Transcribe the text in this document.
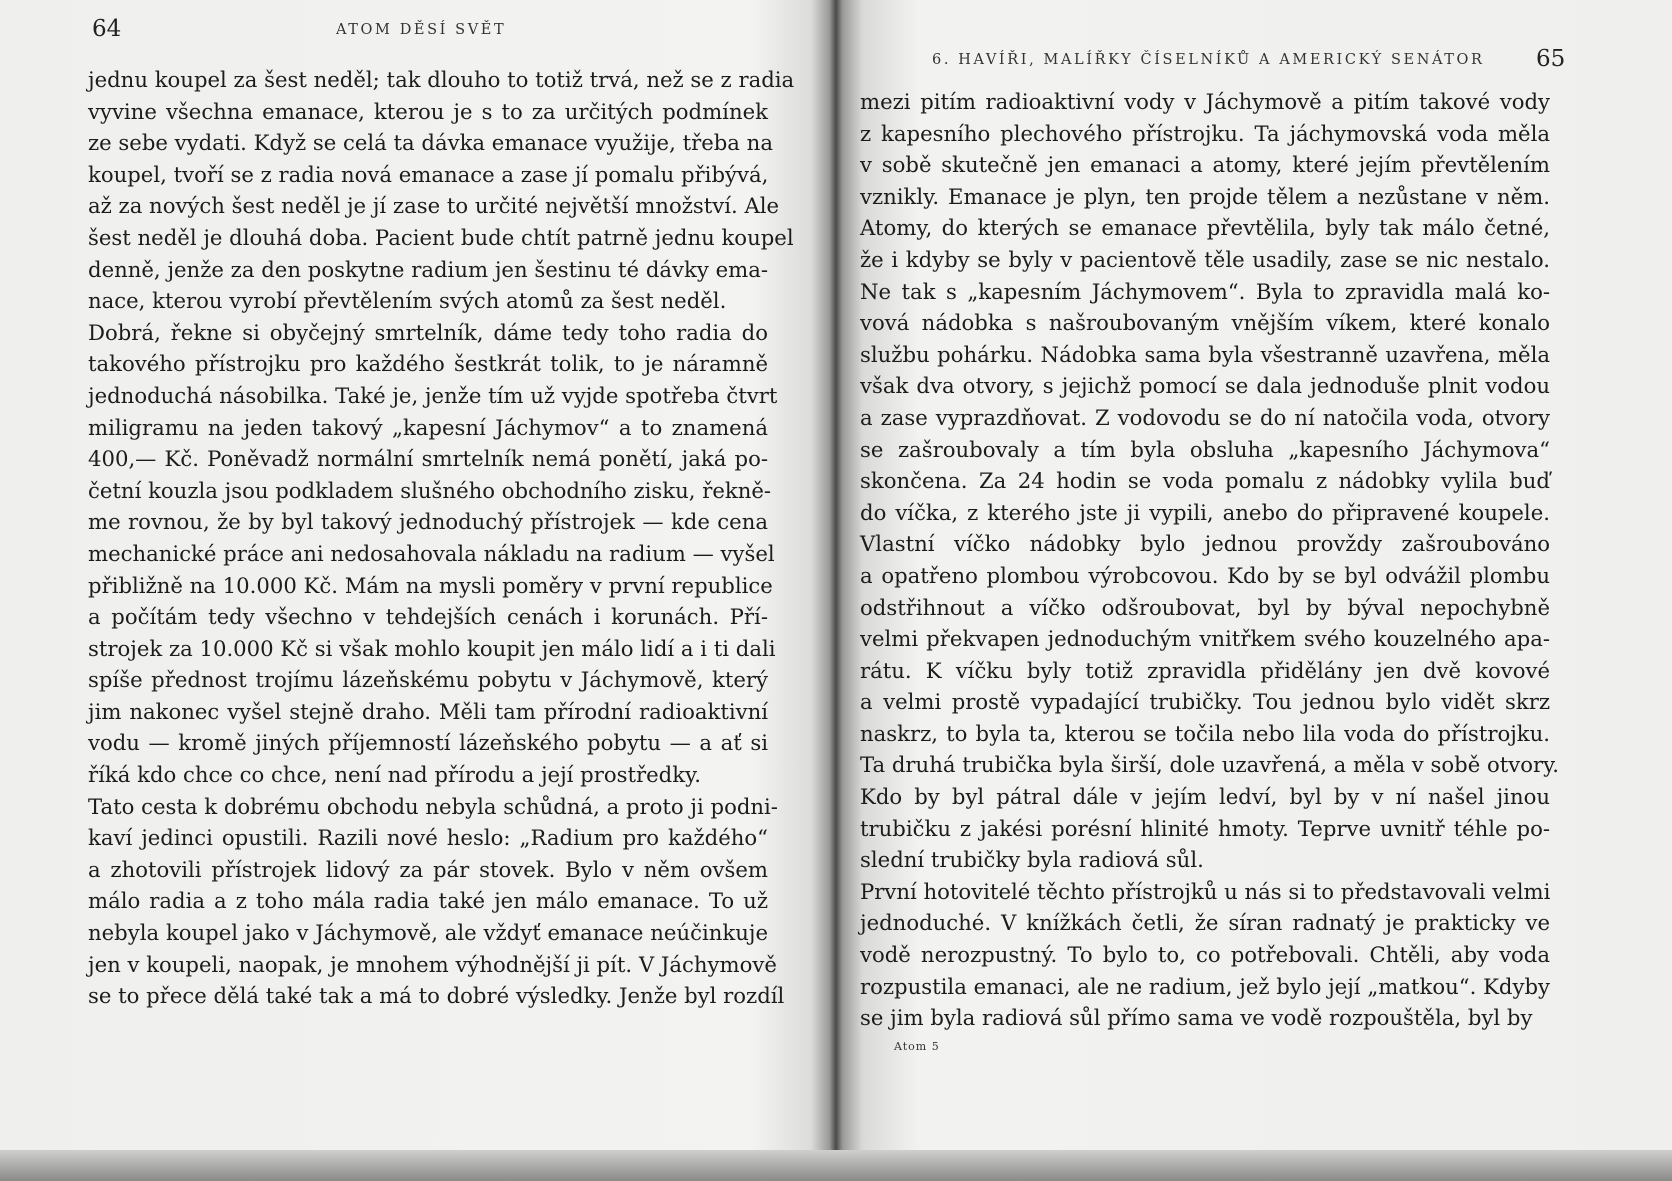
64	ATOM DĚSÍ SVĚT
jednu koupel za šest neděl; tak dlouho to totiž trvá, než se z radia
vyvine všechna emanace, kterou je s to za určitých podmínek
ze sebe vydati. Když se celá ta dávka emanace využije, třeba na
koupel, tvoří se z radia nová emanace a zase jí pomalu přibývá,
až za nových šest neděl je jí zase to určité největší množství. Ale
šest neděl je dlouhá doba. Pacient bude chtít patrně jednu koupel
denně, jenže za den poskytne radium jen šestinu té dávky ema-
nace, kterou vyrobí převtělením svých atomů za šest neděl.
Dobrá, řekne si obyčejný smrtelník, dáme tedy toho radia do
takového přístrojku pro každého šestkrát tolik, to je náramně
jednoduchá násobilka. Také je, jenže tím už vyjde spotřeba čtvrt
miligramu na jeden takový „kapesní Jáchymov“ a to znamená
400,— Kč. Poněvadž normální smrtelník nemá ponětí, jaká po-
četní kouzla jsou podkladem slušného obchodního zisku, řekně-
me rovnou, že by byl takový jednoduchý přístrojek — kde cena
mechanické práce ani nedosahovala nákladu na radium — vyšel
přibližně na 10.000 Kč. Mám na mysli poměry v první republice
a počítám tedy všechno v tehdejších cenách i korunách. Pří-
strojek za 10.000 Kč si však mohlo koupit jen málo lidí a i ti dali
spíše přednost trojímu lázeňskému pobytu v Jáchymově, který
jim nakonec vyšel stejně draho. Měli tam přírodní radioaktivní
vodu — kromě jiných příjemností lázeňského pobytu — a ať si
říká kdo chce co chce, není nad přírodu a její prostředky.
Tato cesta k dobrému obchodu nebyla schůdná, a proto ji podni-
kaví jedinci opustili. Razili nové heslo: „Radium pro každého“
a zhotovili přístrojek lidový za pár stovek. Bylo v něm ovšem
málo radia a z toho mála radia také jen málo emanace. To už
nebyla koupel jako v Jáchymově, ale vždyť emanace neúčinkuje
jen v koupeli, naopak, je mnohem výhodnější ji pít. V Jáchymově
se to přece dělá také tak a má to dobré výsledky. Jenže byl rozdíl
6. HAVÍŘI, MALÍŘKY ČÍSELNÍKŮ A AMERICKÝ SENÁTOR 65
mezi pitím radioaktivní vody v Jáchymově a pitím takové vody
z kapesního plechového přístrojku. Ta jáchymovská voda měla
v sobě skutečně jen emanaci a atomy, které jejím převtělením
vznikly. Emanace je plyn, ten projde tělem a nezůstane v něm.
Atomy, do kterých se emanace převtělila, byly tak málo četné,
že i kdyby se byly v pacientově těle usadily, zase se nic nestalo.
Ne tak s „kapesním Jáchymovem“. Byla to zpravidla malá ko-
vová nádobka s našroubovaným vnějším víkem, které konalo
službu pohárku. Nádobka sama byla všestranně uzavřena, měla
však dva otvory, s jejichž pomocí se dala jednoduše plnit vodou
a zase vyprazdňovat. Z vodovodu se do ní natočila voda, otvory
se zašroubovaly a tím byla obsluha „kapesního Jáchymova“
skončena. Za 24 hodin se voda pomalu z nádobky vylila buď
do víčka, z kterého jste ji vypili, anebo do připravené koupele.
Vlastní víčko nádobky bylo jednou provždy zašroubováno
a opatřeno plombou výrobcovou. Kdo by se byl odvážil plombu
odstřihnout a víčko odšroubovat, byl by býval nepochybně
velmi překvapen jednoduchým vnitřkem svého kouzelného apa-
rátu. K víčku byly totiž zpravidla přidělány jen dvě kovové
a velmi prostě vypadající trubičky. Tou jednou bylo vidět skrz
naskrz, to byla ta, kterou se točila nebo lila voda do přístrojku.
Ta druhá trubička byla širší, dole uzavřená, a měla v sobě otvory.
Kdo by byl pátral dále v jejím ledví, byl by v ní našel jinou
trubičku z jakési porésní hlinité hmoty. Teprve uvnitř téhle po-
slední trubičky byla radiová sůl.
První hotovitelé těchto přístrojků u nás si to představovali velmi
jednoduché. V knížkách četli, že síran radnatý je prakticky ve
vodě nerozpustný. To bylo to, co potřebovali. Chtěli, aby voda
rozpustila emanaci, ale ne radium, jež bylo její „matkou“. Kdyby
se jim byla radiová sůl přímo sama ve vodě rozpouštěla, byl by
Atom 5
